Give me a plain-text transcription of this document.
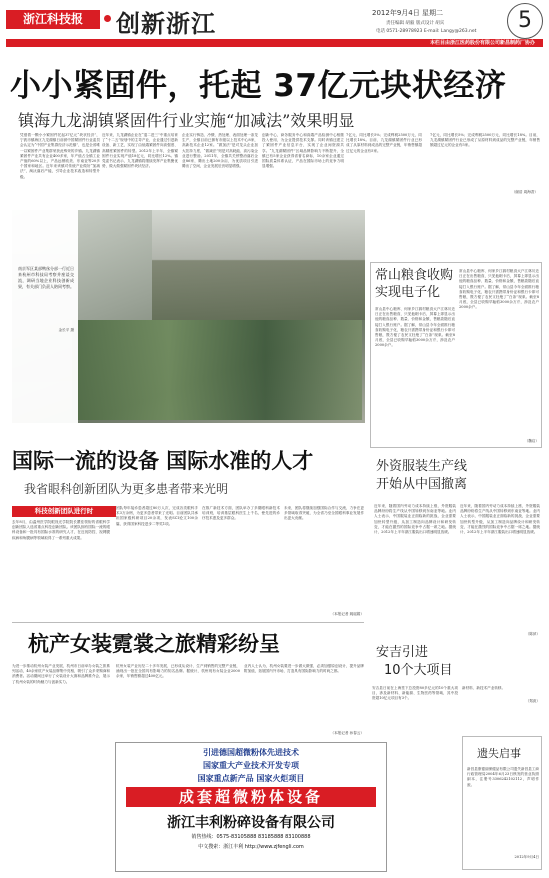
浙江科技报	创新浙江	2012年9月4日 星期二
责任编辑 胡毅 版式设计 胡宾
电话 0571-28978923 E-mail: Langy@263.net	5
本栏目由浙江医药股份有限公司新昌制药厂协办
小小紧固件，托起 37亿元块状经济
镇海九龙湖镇紧固件行业实施“加减法”效果明显
凭借着一颗小小紧固件托起37亿元“块状经济”，宁波市镇海区九龙湖镇日前被中国紧固件行业委员会认定为“中国产业集群经济示范镇”，也是全省唯一以紧固件产业集群荣获此殊荣的乡镇。九龙湖镇紧固件产业共有企业400多家，年产值占全镇工业产值的60%以上，产品远销欧美、东南亚等20多个国家和地区。近年来该镇对传统产业做好“加减法”，淘汰落后产能，引导企业技术改造和转型升级。
近年来，九龙湖镇企业在“退二进三”中重点培育了“十二五”规划中的主导产业，企业通过引进新设备、新工艺，实现了由低端紧固件向高强度、高精度紧固件的转型。2012年上半年，全镇紧固件行业实现产值18亿元，同比增长12%。镇党委书记表示，九龙湖镇将继续发挥产业集聚优势，做大做强紧固件块状经济。
企业实行铸造、冷镦、热处理、表面处理一条龙生产，全镇目前已拥有市级以上技术中心8家，高新技术企业12家。“做加法”是对龙头企业加大扶持力度，“做减法”则是对高耗能、高污染企业进行整治。2011年，全镇共关停整治落后企业86家，腾出土地200余亩，为优质项目引进腾出了空间，企业发展后劲明显增强。
创新中心，商务服务中心和高端产品检测中心相继投入使用，为企业提供技术支撑。同时该镇还建立了紧固件产业信息平台，实现了企业间资源共享。“九龙湖紧固件”区域品牌影响力不断提升，全镇已有5家企业获得省著名商标，10余家企业通过国际质量体系认证，产品在国际市场上的竞争力明显增强。
7亿元，同比增长5%；完成利税2500万元，同比增长18%。目前，九龙湖镇紧固件行业已形成了从原材料到成品的完整产业链，年销售额超过亿元的企业有5家。
7亿元，同比增长5%；完成利税2500万元，同比增长18%。目前，九龙湖镇紧固件行业已形成了从原材料到成品的完整产业链，年销售额超过亿元的企业有5家。
（谢浩 周海香）
南京军区某部鸭丝分部一行近日来杭州市科技局考察并座谈交流，调研当地企业科技创新成果，有关部门负责人陪同考察。
金长平 摄
常山粮食收购
实现电子化
常山县中心粮库、何家乡江源村粮食大户江林川近日正在出售粮食，只见他刷卡后，屏幕上即显示出他的粮食品种、数量、价格和金额，售粮款随后直接打入银行账户。据了解，常山县今年全面推行粮食收购电子化，粮农只需携带身份证和银行卡即可售粮，既方便了农民又杜绝了“白条”现象。截至8月底，全县已收购早籼稻3000余万斤，涉及农户2000余户。
常山县中心粮库、何家乡江源村粮食大户江林川近日正在出售粮食，只见他刷卡后，屏幕上即显示出他的粮食品种、数量、价格和金额，售粮款随后直接打入银行账户。据了解，常山县今年全面推行粮食收购电子化，粮农只需携带身份证和银行卡即可售粮，既方便了农民又杜绝了“白条”现象。截至8月底，全县已收购早籼稻3000余万斤，涉及农户2000余户。
（魏启）
外资服装生产线
开始从中国撤离
近年来，随着国内劳动力成本持续上涨，外资服装品牌纷纷将生产线从中国转移到东南亚等地。业内人士表示，中国服装业正面临新的挑战，企业需要加快转型升级，从加工制造向品牌设计和研发转变，才能在激烈的国际竞争中占据一席之地。据统计，2012年上半年浙江服装出口增速明显放缓。
近年来，随着国内劳动力成本持续上涨，外资服装品牌纷纷将生产线从中国转移到东南亚等地。业内人士表示，中国服装业正面临新的挑战，企业需要加快转型升级，从加工制造向品牌设计和研发转变，才能在激烈的国际竞争中占据一席之地。据统计，2012年上半年浙江服装出口增速明显放缓。
（陈萍）
安吉引进
10个大项目
安吉县日前在上海签下总投资80多亿元的10个重大项目，涉及新材料、新能源、生物医药等领域，其中投资超10亿元项目有3个。
新材料、新技术产业转移。
（郑淡）
遗失启事
新昌县康德丽保健品有限公司遗失新昌县工商行政管理局2004年6月23日核发的营业执照副本，注册号3306242102112，声明作废。
2012年9月4日
国际一流的设备 国际水准的人才
我省眼科创新团队为更多患者带来光明
科技创新团队进行时
去年8月，由温州医学院眼视光学院院长瞿佳领衔的省眼科学创新团队入选省重点科技创新团队。该团队拥有国际一流的眼科设备和一批具有国际水准的研究人才，在近视防控、视网膜疾病和角膜病等领域取得了一系列重大成果。
团队每年接诊患者超过80万人次，完成各类眼科手术3万余例，为更多患者带来了光明。目前团队共承担国家级科研项目20余项，发表SCI论文100余篇，获得国家科技进步二等奖1项。
在推广新技术方面，团队举办了多期眼科新技术培训班，培训基层眼科医生上千名，使先进的诊疗技术惠及更多群众。
未来，团队将继续加强国际合作与交流，力争在更多领域取得突破，为全省乃至全国眼科事业发展作出更大贡献。
（本报记者 姚瑶娟）
杭产女装霓裳之旅精彩纷呈
为进一步推动杭州女装产业发展，杭州市日前举办女装之旅系列活动，40余家杭产女装品牌集中亮相，吸引了众多采购商和消费者。活动期间还举行了女装设计大赛和品牌推介会，展示了杭州女装的时尚魅力与创新实力。
杭州女装产业历经二十多年发展，已形成从设计、生产到销售的完整产业链，涌现出一批在全国具有影响力的知名品牌。据统计，杭州现有女装企业2000余家，年销售额超过400亿元。
业内人士认为，杭州女装要进一步做大做强，必须加强原创设计，提升品牌附加值，拓展国内外市场，打造具有国际影响力的时尚之都。
（本报记者 孙春云）
引进德国超微粉体先进技术
国家重大产业技术开发专项
国家重点新产品 国家火炬项目
成套超微粉体设备
浙江丰利粉碎设备有限公司
销售热线：0575-83105888 83185888 83100888
中文搜索：浙江丰利 http://www.zjfengli.com
